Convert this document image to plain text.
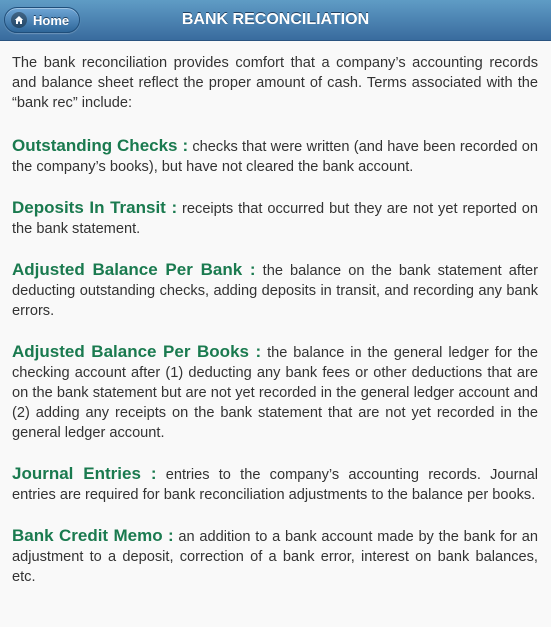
Home	BANK RECONCILIATION

The bank reconciliation provides comfort that a company’s accounting records and balance sheet reflect the proper amount of cash. Terms associated with the “bank rec” include:

Outstanding Checks : checks that were written (and have been recorded on the company’s books), but have not cleared the bank account.

Deposits In Transit : receipts that occurred but they are not yet reported on the bank statement.

Adjusted Balance Per Bank : the balance on the bank statement after deducting outstanding checks, adding deposits in transit, and recording any bank errors.

Adjusted Balance Per Books : the balance in the general ledger for the checking account after (1) deducting any bank fees or other deductions that are on the bank statement but are not yet recorded in the general ledger account and (2) adding any receipts on the bank statement that are not yet recorded in the general ledger account.

Journal Entries : entries to the company’s accounting records. Journal entries are required for bank reconciliation adjustments to the balance per books.

Bank Credit Memo : an addition to a bank account made by the bank for an adjustment to a deposit, correction of a bank error, interest on bank balances, etc.
